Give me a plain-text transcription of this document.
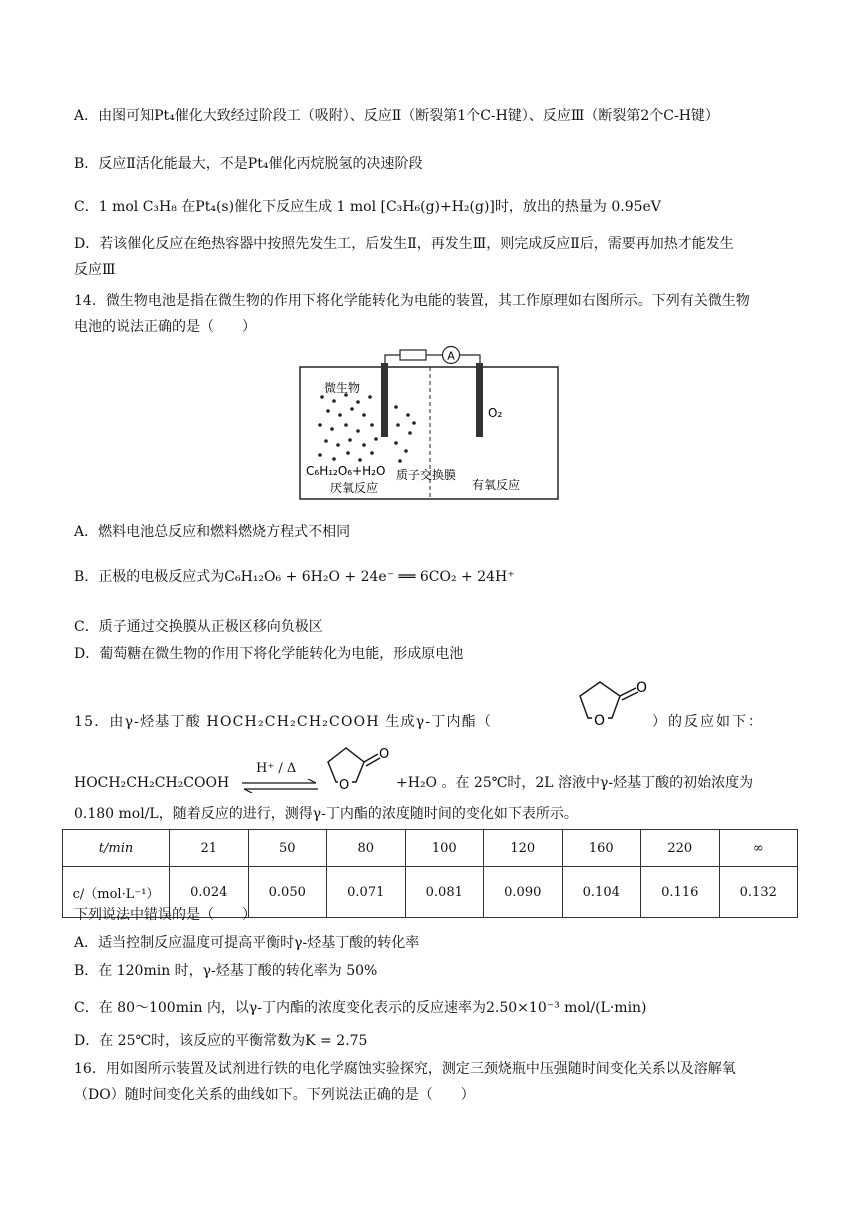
A．由图可知Pt₄催化大致经过阶段工（吸附）、反应Ⅱ（断裂第1个C-H键）、反应Ⅲ（断裂第2个C-H键）
B．反应Ⅱ活化能最大，不是Pt₄催化丙烷脱氢的决速阶段
C．1 mol C₃H₈ 在Pt₄(s)催化下反应生成 1 mol [C₃H₆(g)+H₂(g)]时，放出的热量为 0.95eV
D．若该催化反应在绝热容器中按照先发生工，后发生Ⅱ，再发生Ⅲ，则完成反应Ⅱ后，需要再加热才能发生
反应Ⅲ
14．微生物电池是指在微生物的作用下将化学能转化为电能的装置，其工作原理如右图所示。下列有关微生物
电池的说法正确的是（　　）
A
微生物
O₂
C₆H₁₂O₆+H₂O
厌氧反应
质子交换膜
有氧反应
A．燃料电池总反应和燃料燃烧方程式不相同
B．正极的电极反应式为C₆H₁₂O₆ + 6H₂O + 24e⁻ ══ 6CO₂ + 24H⁺
C．质子通过交换膜从正极区移向负极区
D．葡萄糖在微生物的作用下将化学能转化为电能，形成原电池
15．由γ-烃基丁酸 HOCH₂CH₂CH₂COOH 生成γ-丁内酯（
O
O	）的反应如下：
HOCH₂CH₂CH₂COOH
H⁺ / Δ
O
O	+H₂O 。在 25℃时，2L 溶液中γ-烃基丁酸的初始浓度为
0.180 mol/L，随着反应的进行，测得γ-丁内酯的浓度随时间的变化如下表所示。
t/min	21	50	80	100	120	160	220	∞
c/（mol·L⁻¹）	0.024	0.050	0.071	0.081	0.090	0.104	0.116	0.132
下列说法中错误的是（　　）
A．适当控制反应温度可提高平衡时γ-烃基丁酸的转化率
B．在 120min 时，γ-烃基丁酸的转化率为 50%
C．在 80～100min 内，以γ-丁内酯的浓度变化表示的反应速率为2.50×10⁻³ mol/(L·min)
D．在 25℃时，该反应的平衡常数为K = 2.75
16．用如图所示装置及试剂进行铁的电化学腐蚀实验探究，测定三颈烧瓶中压强随时间变化关系以及溶解氧
（DO）随时间变化关系的曲线如下。下列说法正确的是（　　）
